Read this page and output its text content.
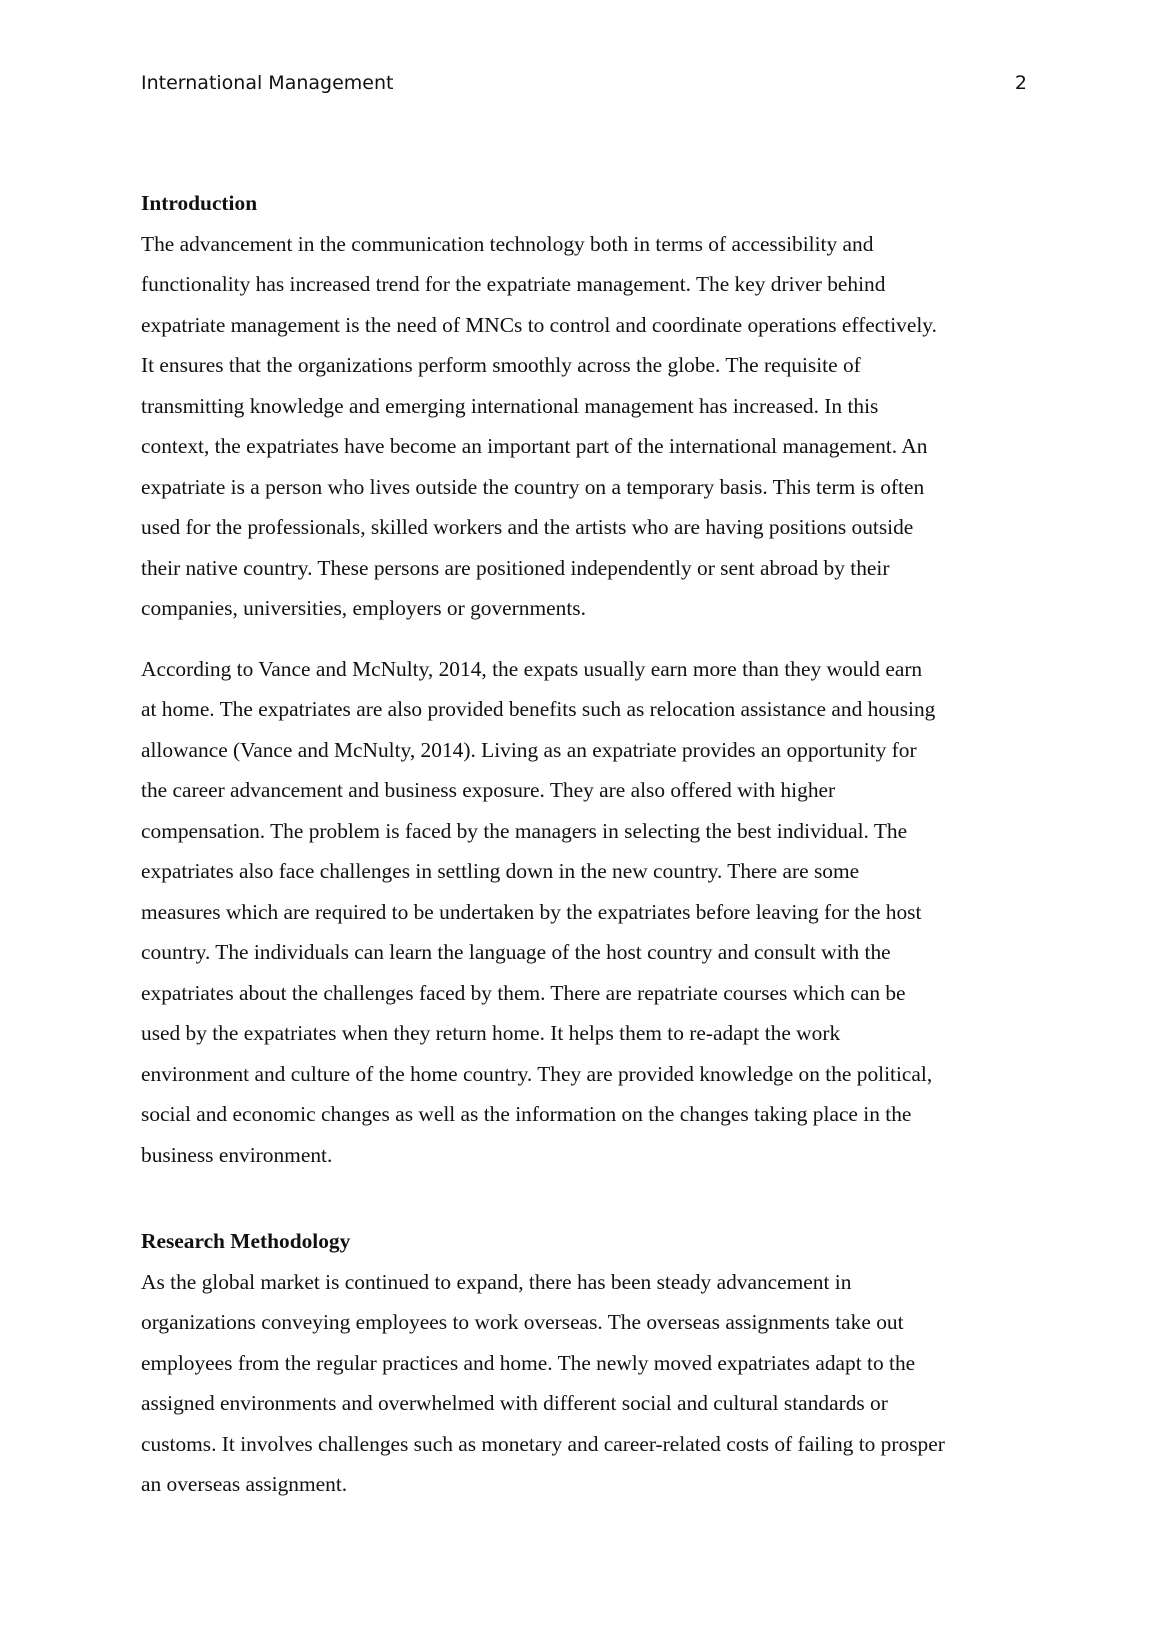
International Management	2
Introduction

The advancement in the communication technology both in terms of accessibility and
functionality has increased trend for the expatriate management. The key driver behind
expatriate management is the need of MNCs to control and coordinate operations effectively.
It ensures that the organizations perform smoothly across the globe. The requisite of
transmitting knowledge and emerging international management has increased. In this
context, the expatriates have become an important part of the international management. An
expatriate is a person who lives outside the country on a temporary basis. This term is often
used for the professionals, skilled workers and the artists who are having positions outside
their native country. These persons are positioned independently or sent abroad by their
companies, universities, employers or governments.

According to Vance and McNulty, 2014, the expats usually earn more than they would earn
at home. The expatriates are also provided benefits such as relocation assistance and housing
allowance (Vance and McNulty, 2014). Living as an expatriate provides an opportunity for
the career advancement and business exposure. They are also offered with higher
compensation. The problem is faced by the managers in selecting the best individual. The
expatriates also face challenges in settling down in the new country. There are some
measures which are required to be undertaken by the expatriates before leaving for the host
country. The individuals can learn the language of the host country and consult with the
expatriates about the challenges faced by them. There are repatriate courses which can be
used by the expatriates when they return home. It helps them to re-adapt the work
environment and culture of the home country. They are provided knowledge on the political,
social and economic changes as well as the information on the changes taking place in the
business environment.

Research Methodology

As the global market is continued to expand, there has been steady advancement in
organizations conveying employees to work overseas. The overseas assignments take out
employees from the regular practices and home. The newly moved expatriates adapt to the
assigned environments and overwhelmed with different social and cultural standards or
customs. It involves challenges such as monetary and career-related costs of failing to prosper
an overseas assignment.
